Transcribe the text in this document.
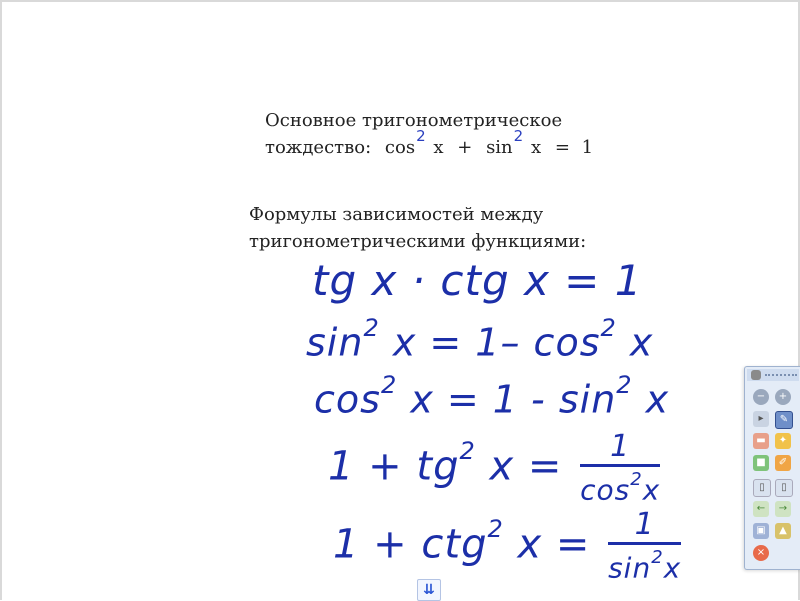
Основное тригонометрическое
тождество: cos2 x + sin2 x = 1
Формулы зависимостей между
тригонометрическими функциями:
tg x · ctg x = 1
$\sin^2 x = 1-$ $\cos^2 x$
$\cos^2 x = 1 - \sin^2 x$
$1 + tg^2$ $x = \frac{1}{\cos^2x}$
1 + ctg$^2$ $x = \frac{1}{\sin^2x}$
−	+
▸	✎
▬	✦
■	✐
▯	▯
←	→
▣	▲
×
⇊
